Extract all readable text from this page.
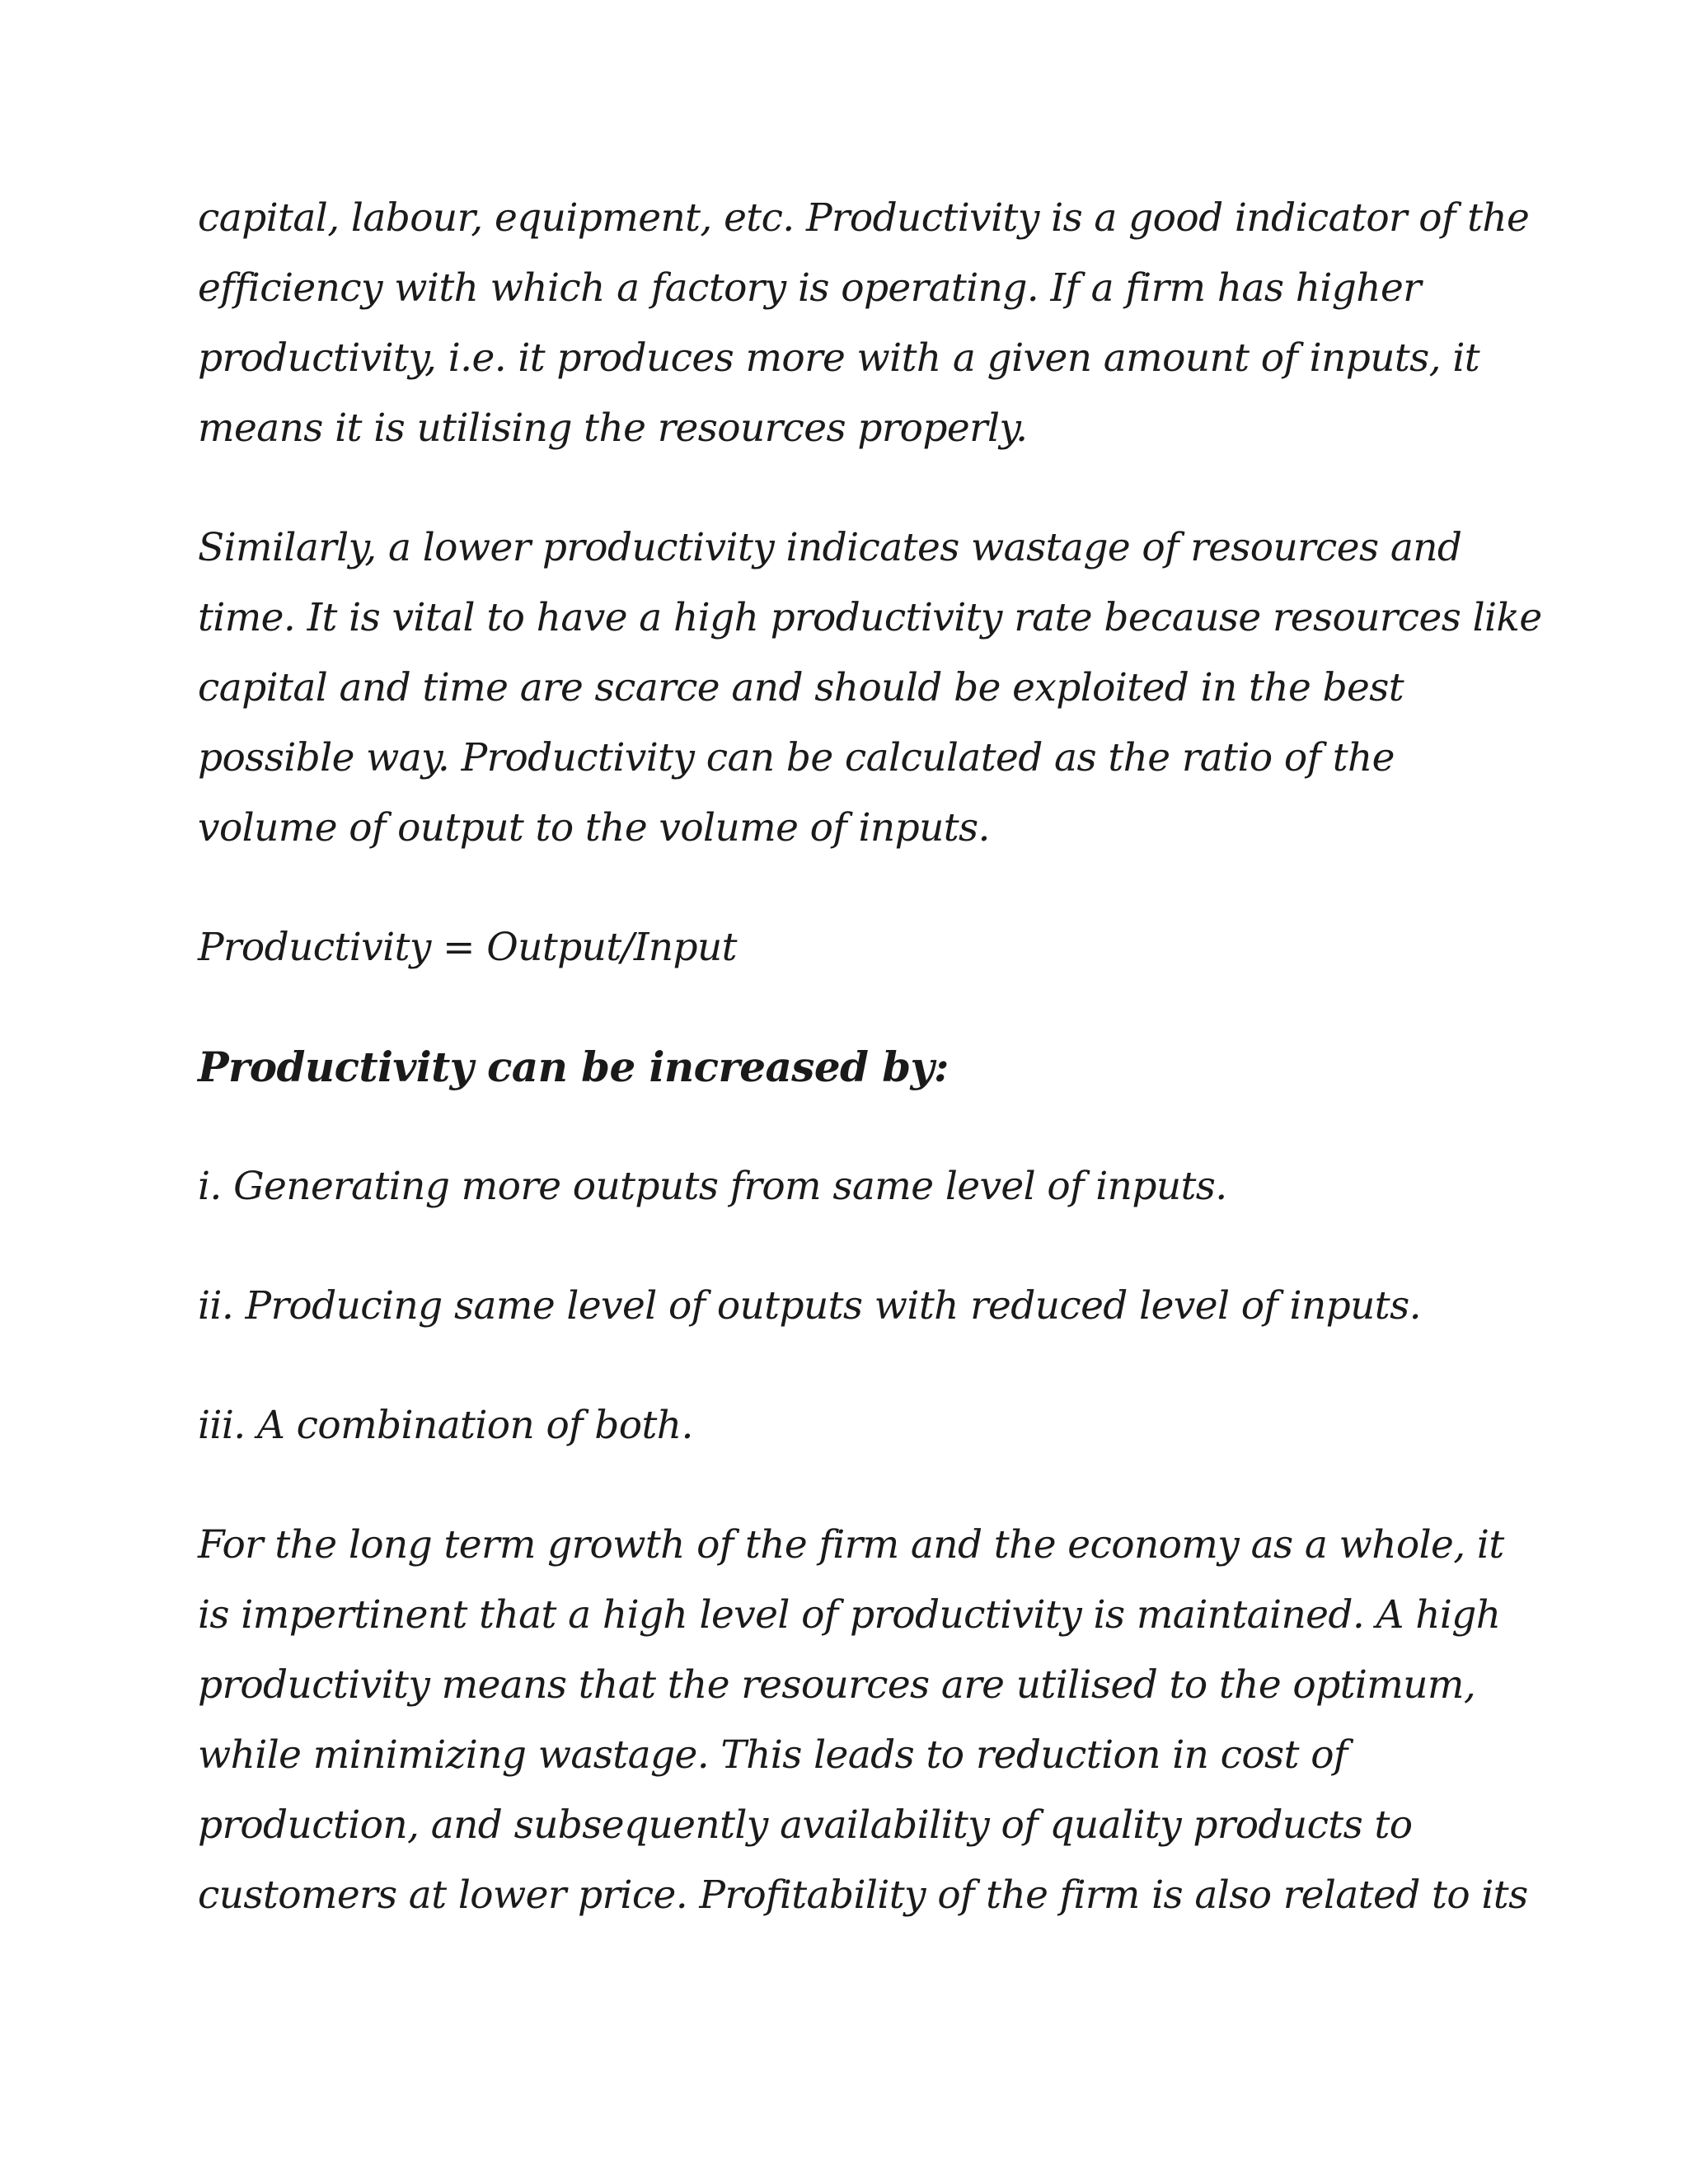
capital, labour, equipment, etc. Productivity is a good indicator of the
efficiency with which a factory is operating. If a firm has higher
productivity, i.e. it produces more with a given amount of inputs, it
means it is utilising the resources properly.
Similarly, a lower productivity indicates wastage of resources and
time. It is vital to have a high productivity rate because resources like
capital and time are scarce and should be exploited in the best
possible way. Productivity can be calculated as the ratio of the
volume of output to the volume of inputs.
Productivity = Output/Input
Productivity can be increased by:
i. Generating more outputs from same level of inputs.
ii. Producing same level of outputs with reduced level of inputs.
iii. A combination of both.
For the long term growth of the firm and the economy as a whole, it
is impertinent that a high level of productivity is maintained. A high
productivity means that the resources are utilised to the optimum,
while minimizing wastage. This leads to reduction in cost of
production, and subsequently availability of quality products to
customers at lower price. Profitability of the firm is also related to its
